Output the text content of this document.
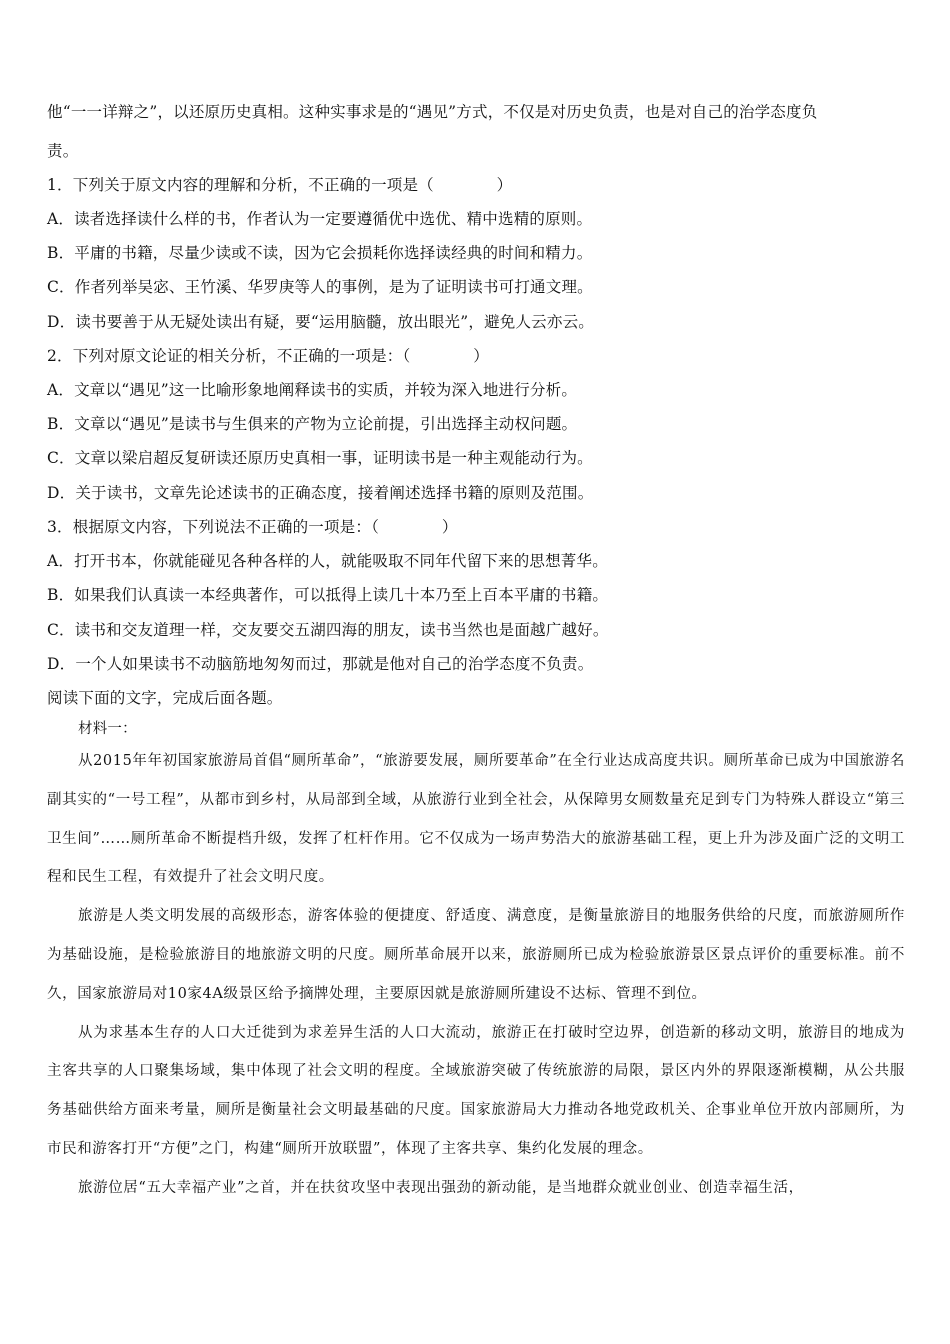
他“一一详辩之”，以还原历史真相。这种实事求是的“遇见”方式，不仅是对历史负责，也是对自己的治学态度负
责。
1．下列关于原文内容的理解和分析，不正确的一项是（　　　　）
A．读者选择读什么样的书，作者认为一定要遵循优中选优、精中选精的原则。
B．平庸的书籍，尽量少读或不读，因为它会损耗你选择读经典的时间和精力。
C．作者列举吴宓、王竹溪、华罗庚等人的事例，是为了证明读书可打通文理。
D．读书要善于从无疑处读出有疑，要“运用脑髓，放出眼光”，避免人云亦云。
2．下列对原文论证的相关分析，不正确的一项是：（　　　　）
A．文章以“遇见”这一比喻形象地阐释读书的实质，并较为深入地进行分析。
B．文章以“遇见”是读书与生俱来的产物为立论前提，引出选择主动权问题。
C．文章以梁启超反复研读还原历史真相一事，证明读书是一种主观能动行为。
D．关于读书，文章先论述读书的正确态度，接着阐述选择书籍的原则及范围。
3．根据原文内容，下列说法不正确的一项是：（　　　　）
A．打开书本，你就能碰见各种各样的人，就能吸取不同年代留下来的思想菁华。
B．如果我们认真读一本经典著作，可以抵得上读几十本乃至上百本平庸的书籍。
C．读书和交友道理一样，交友要交五湖四海的朋友，读书当然也是面越广越好。
D．一个人如果读书不动脑筋地匆匆而过，那就是他对自己的治学态度不负责。
阅读下面的文字，完成后面各题。
材料一：

从2015年年初国家旅游局首倡“厕所革命”，“旅游要发展，厕所要革命”在全行业达成高度共识。厕所革命已成为中国旅游名副其实的“一号工程”，从都市到乡村，从局部到全域，从旅游行业到全社会，从保障男女厕数量充足到专门为特殊人群设立“第三卫生间”……厕所革命不断提档升级，发挥了杠杆作用。它不仅成为一场声势浩大的旅游基础工程，更上升为涉及面广泛的文明工程和民生工程，有效提升了社会文明尺度。

旅游是人类文明发展的高级形态，游客体验的便捷度、舒适度、满意度，是衡量旅游目的地服务供给的尺度，而旅游厕所作为基础设施，是检验旅游目的地旅游文明的尺度。厕所革命展开以来，旅游厕所已成为检验旅游景区景点评价的重要标准。前不久，国家旅游局对10家4A级景区给予摘牌处理，主要原因就是旅游厕所建设不达标、管理不到位。

从为求基本生存的人口大迁徙到为求差异生活的人口大流动，旅游正在打破时空边界，创造新的移动文明，旅游目的地成为主客共享的人口聚集场域，集中体现了社会文明的程度。全域旅游突破了传统旅游的局限，景区内外的界限逐渐模糊，从公共服务基础供给方面来考量，厕所是衡量社会文明最基础的尺度。国家旅游局大力推动各地党政机关、企事业单位开放内部厕所，为市民和游客打开“方便”之门，构建“厕所开放联盟”，体现了主客共享、集约化发展的理念。

旅游位居“五大幸福产业”之首，并在扶贫攻坚中表现出强劲的新动能，是当地群众就业创业、创造幸福生活，
